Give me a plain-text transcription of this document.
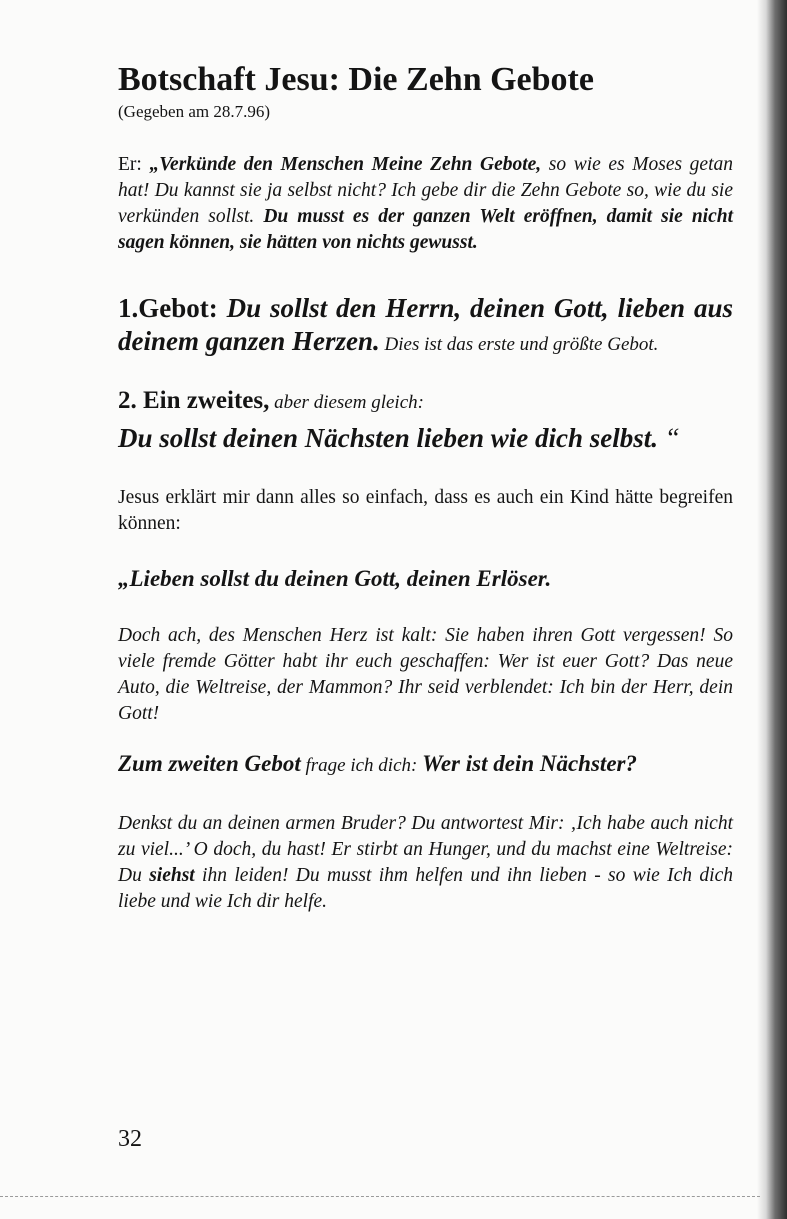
Botschaft Jesu: Die Zehn Gebote

(Gegeben am 28.7.96)

Er: „Verkünde den Menschen Meine Zehn Gebote, so wie es Moses getan hat! Du kannst sie ja selbst nicht? Ich gebe dir die Zehn Gebote so, wie du sie verkünden sollst. Du musst es der ganzen Welt eröffnen, damit sie nicht sagen können, sie hätten von nichts gewusst.

1.Gebot: Du sollst den Herrn, deinen Gott, lieben aus deinem ganzen Herzen. Dies ist das erste und größte Gebot.

2. Ein zweites, aber diesem gleich:

Du sollst deinen Nächsten lieben wie dich selbst. “

Jesus erklärt mir dann alles so einfach, dass es auch ein Kind hätte begreifen können:

„Lieben sollst du deinen Gott, deinen Erlöser.

Doch ach, des Menschen Herz ist kalt: Sie haben ihren Gott vergessen! So viele fremde Götter habt ihr euch geschaffen: Wer ist euer Gott? Das neue Auto, die Weltreise, der Mammon? Ihr seid verblendet: Ich bin der Herr, dein Gott!

Zum zweiten Gebot frage ich dich: Wer ist dein Nächster?

Denkst du an deinen armen Bruder? Du antwortest Mir: ‚Ich habe auch nicht zu viel...’ O doch, du hast! Er stirbt an Hunger, und du machst eine Weltreise: Du siehst ihn leiden! Du musst ihm helfen und ihn lieben - so wie Ich dich liebe und wie Ich dir helfe.

32
